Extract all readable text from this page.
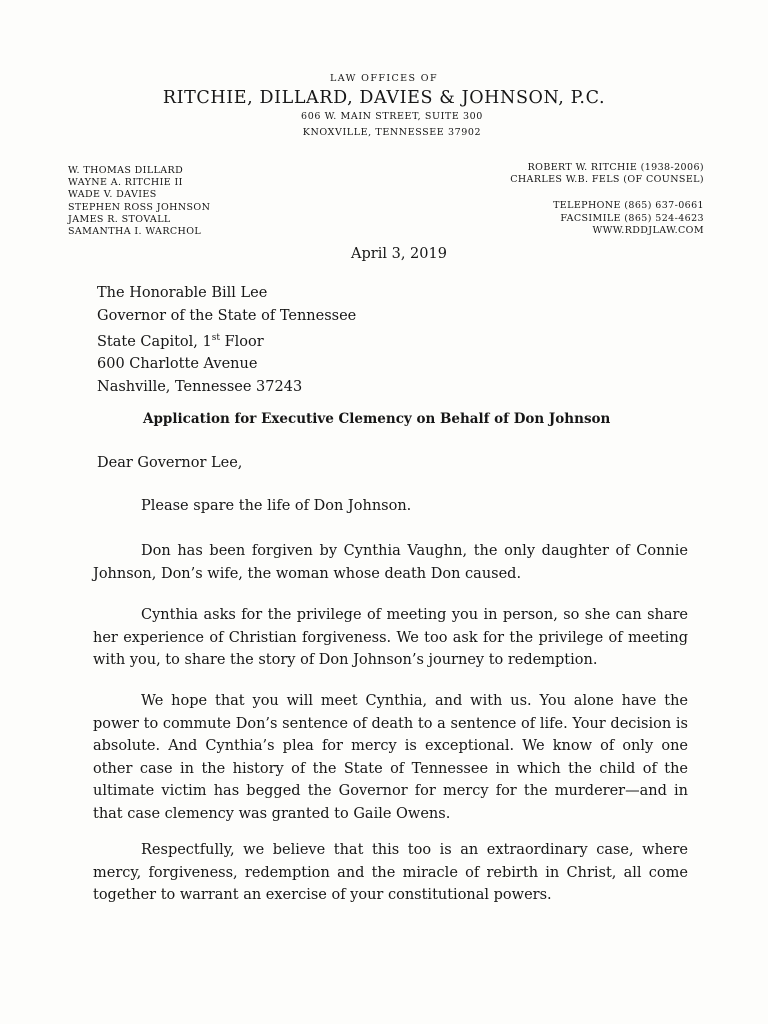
LAW OFFICES OF
RITCHIE, DILLARD, DAVIES & JOHNSON, P.C.
606 W. MAIN STREET, SUITE 300
KNOXVILLE, TENNESSEE 37902
W. THOMAS DILLARD
WAYNE A. RITCHIE II
WADE V. DAVIES
STEPHEN ROSS JOHNSON
JAMES R. STOVALL
SAMANTHA I. WARCHOL
ROBERT W. RITCHIE (1938-2006)
CHARLES W.B. FELS (OF COUNSEL)
TELEPHONE (865) 637-0661
FACSIMILE (865) 524-4623
WWW.RDDJLAW.COM
April 3, 2019
The Honorable Bill Lee
Governor of the State of Tennessee
State Capitol, 1st Floor
600 Charlotte Avenue
Nashville, Tennessee 37243
Application for Executive Clemency on Behalf of Don Johnson
Dear Governor Lee,
Please spare the life of Don Johnson.
Don has been forgiven by Cynthia Vaughn, the only daughter of Connie Johnson, Don’s wife, the woman whose death Don caused.
Cynthia asks for the privilege of meeting you in person, so she can share her experience of Christian forgiveness. We too ask for the privilege of meeting with you, to share the story of Don Johnson’s journey to redemption.
We hope that you will meet Cynthia, and with us. You alone have the power to commute Don’s sentence of death to a sentence of life. Your decision is absolute. And Cynthia’s plea for mercy is exceptional. We know of only one other case in the history of the State of Tennessee in which the child of the ultimate victim has begged the Governor for mercy for the murderer—and in that case clemency was granted to Gaile Owens.
Respectfully, we believe that this too is an extraordinary case, where mercy, forgiveness, redemption and the miracle of rebirth in Christ, all come together to warrant an exercise of your constitutional powers.
